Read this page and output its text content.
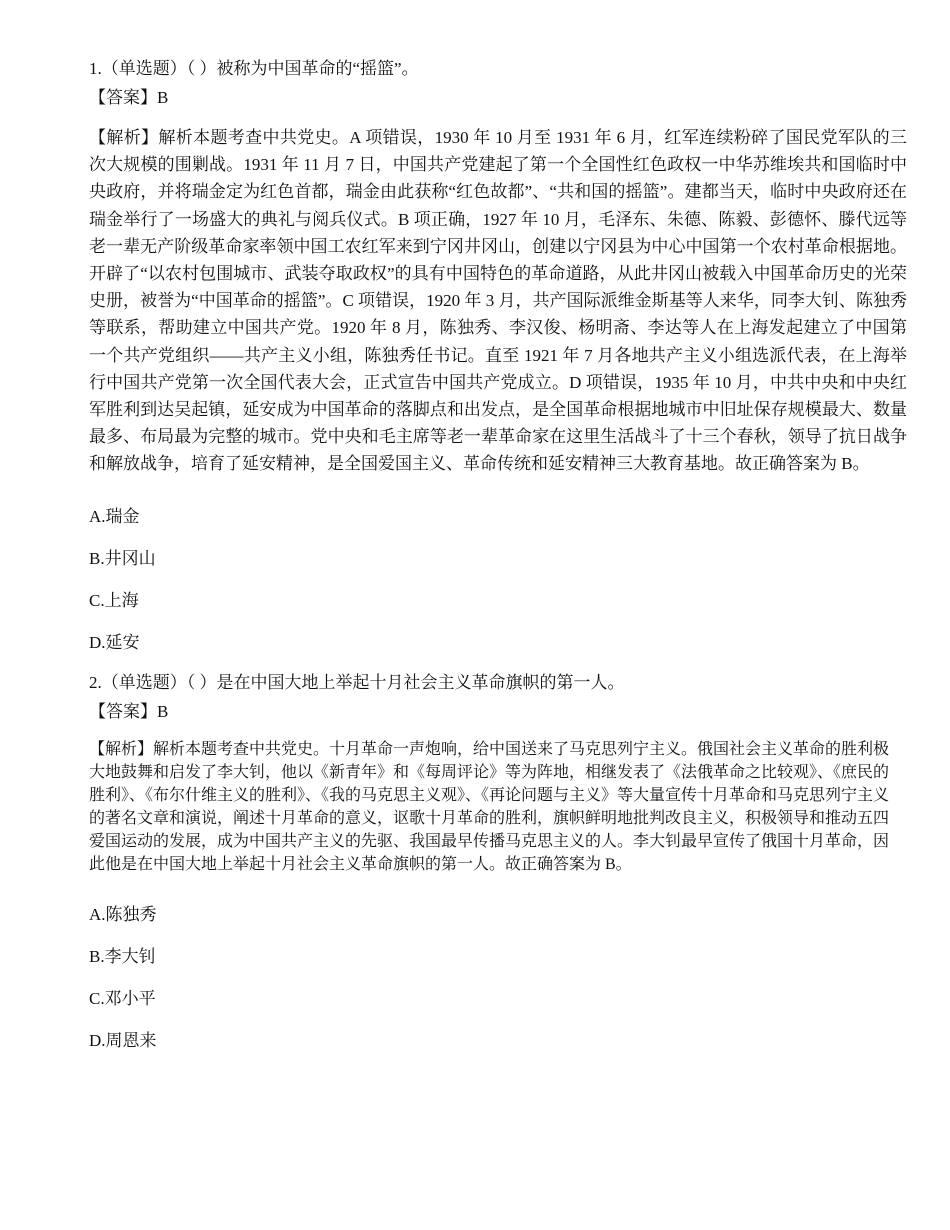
1.（单选题）（ ）被称为中国革命的“摇篮”。

【答案】B

【解析】解析本题考查中共党史。A 项错误，1930 年 10 月至 1931 年 6 月，红军连续粉碎了国民党军队的三次大规模的围剿战。1931 年 11 月 7 日，中国共产党建起了第一个全国性红色政权一中华苏维埃共和国临时中央政府，并将瑞金定为红色首都，瑞金由此获称“红色故都”、“共和国的摇篮”。建都当天，临时中央政府还在瑞金举行了一场盛大的典礼与阅兵仪式。B 项正确，1927 年 10 月，毛泽东、朱德、陈毅、彭德怀、滕代远等老一辈无产阶级革命家率领中国工农红军来到宁冈井冈山，创建以宁冈县为中心中国第一个农村革命根据地。开辟了“以农村包围城市、武装夺取政权”的具有中国特色的革命道路，从此井冈山被载入中国革命历史的光荣史册，被誉为“中国革命的摇篮”。C 项错误，1920 年 3 月，共产国际派维金斯基等人来华，同李大钊、陈独秀等联系，帮助建立中国共产党。1920 年 8 月，陈独秀、李汉俊、杨明斋、李达等人在上海发起建立了中国第一个共产党组织——共产主义小组，陈独秀任书记。直至 1921 年 7 月各地共产主义小组选派代表，在上海举行中国共产党第一次全国代表大会，正式宣告中国共产党成立。D 项错误，1935 年 10 月，中共中央和中央红军胜利到达吴起镇，延安成为中国革命的落脚点和出发点，是全国革命根据地城市中旧址保存规模最大、数量最多、布局最为完整的城市。党中央和毛主席等老一辈革命家在这里生活战斗了十三个春秋，领导了抗日战争和解放战争，培育了延安精神，是全国爱国主义、革命传统和延安精神三大教育基地。故正确答案为 B。

A.瑞金
B.井冈山
C.上海
D.延安

2.（单选题）（ ）是在中国大地上举起十月社会主义革命旗帜的第一人。

【答案】B

【解析】解析本题考查中共党史。十月革命一声炮响，给中国送来了马克思列宁主义。俄国社会主义革命的胜利极大地鼓舞和启发了李大钊，他以《新青年》和《每周评论》等为阵地，相继发表了《法俄革命之比较观》、《庶民的胜利》、《布尔什维主义的胜利》、《我的马克思主义观》、《再论问题与主义》等大量宣传十月革命和马克思列宁主义的著名文章和演说，阐述十月革命的意义，讴歌十月革命的胜利，旗帜鲜明地批判改良主义，积极领导和推动五四爱国运动的发展，成为中国共产主义的先驱、我国最早传播马克思主义的人。李大钊最早宣传了俄国十月革命，因此他是在中国大地上举起十月社会主义革命旗帜的第一人。故正确答案为 B。

A.陈独秀
B.李大钊
C.邓小平
D.周恩来
